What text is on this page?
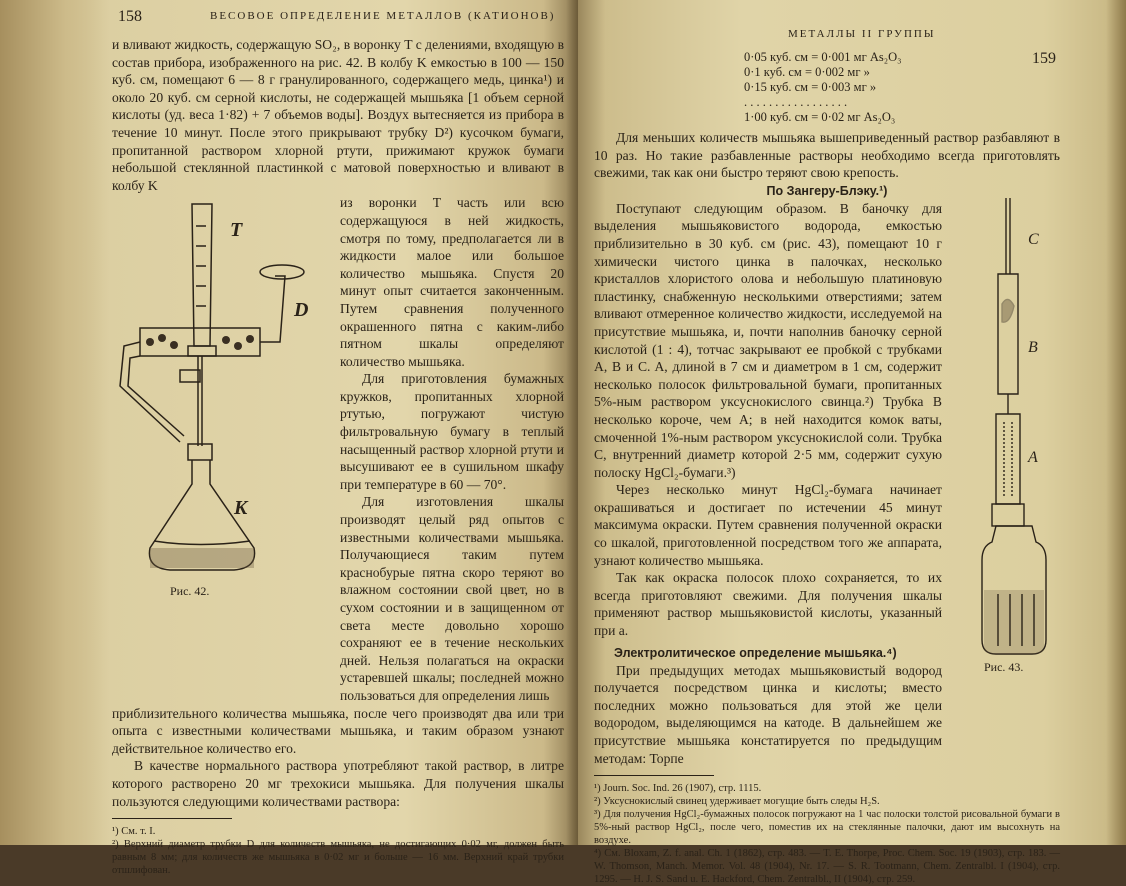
158	ВЕСОВОЕ ОПРЕДЕЛЕНИЕ МЕТАЛЛОВ (КАТИОНОВ)

и вливают жидкость, содержащую SO₂, в воронку T с делениями, входящую в состав прибора, изображенного на рис. 42. В колбу K емкостью в 100 — 150 куб. см, помещают 6 — 8 г гранулированного, содержащего медь, цинка¹) и около 20 куб. см серной кислоты, не содержащей мышьяка [1 объем серной кислоты (уд. веса 1·82) + 7 объемов воды]. Воздух вытесняется из прибора в течение 10 минут. После этого прикрывают трубку D²) кусочком бумаги, пропитанной раствором хлорной ртути, прижимают кружок бумаги небольшой стеклянной пластинкой с матовой поверхностью и вливают в колбу K

из воронки T часть или всю содержащуюся в ней жидкость, смотря по тому, предполагается ли в жидкости малое или большое количество мышьяка. Спустя 20 минут опыт считается законченным. Путем сравнения полученного окрашенного пятна с каким-либо пятном шкалы определяют количество мышьяка.

Для приготовления бумажных кружков, пропитанных хлорной ртутью, погружают чистую фильтровальную бумагу в теплый насыщенный раствор хлорной ртути и высушивают ее в сушильном шкафу при температуре в 60 — 70°.

Для изготовления шкалы производят целый ряд опытов с известными количествами мышьяка. Получающиеся таким путем краснобурые пятна скоро теряют во влажном состоянии свой цвет, но в сухом состоянии и в защищенном от света месте довольно хорошо сохраняют ее в течение нескольких дней. Нельзя полагаться на окраски устаревшей шкалы; последней можно пользоваться для определения лишь

приблизительного количества мышьяка, после чего производят два или три опыта с известными количествами мышьяка, и таким образом узнают действительное количество его.

В качестве нормального раствора употребляют такой раствор, в литре которого растворено 20 мг трехокиси мышьяка. Для получения шкалы пользуются следующими количествами раствора:

¹) См. т. I.

²) Верхний диаметр трубки D для количеств мышьяка, не достигающих 0·02 мг, должен быть равным 8 мм; для количеств же мышьяка в 0·02 мг и больше — 16 мм. Верхний край трубки отшлифован.

T
D
K
Рис. 42.
МЕТАЛЛЫ II ГРУППЫ
159
0·05 куб. см = 0·001 мг As₂O₃
0·1 куб. см = 0·002 мг »
0·15 куб. см = 0·003 мг »
. . . . . . . . . . . . . . . . .
1·00 куб. см = 0·02 мг As₂O₃

Для меньших количеств мышьяка вышеприведенный раствор разбавляют в 10 раз. Но такие разбавленные растворы необходимо всегда приготовлять свежими, так как они быстро теряют свою крепость.

По Зангеру-Блэку.¹)

Поступают следующим образом. В баночку для выделения мышьяковистого водорода, емкостью приблизительно в 30 куб. см (рис. 43), помещают 10 г химически чистого цинка в палочках, несколько кристаллов хлористого олова и небольшую платиновую пластинку, снабженную несколькими отверстиями; затем вливают отмеренное количество жидкости, исследуемой на присутствие мышьяка, и, почти наполнив баночку серной кислотой (1 : 4), тотчас закрывают ее пробкой с трубками A, B и C. A, длиной в 7 см и диаметром в 1 см, содержит несколько полосок фильтровальной бумаги, пропитанных 5%-ным раствором уксуснокислого свинца.²) Трубка B несколько короче, чем A; в ней находится комок ваты, смоченной 1%-ным раствором уксуснокислой соли. Трубка C, внутренний диаметр которой 2·5 мм, содержит сухую полоску HgCl₂-бумаги.³)

Через несколько минут HgCl₂-бумага начинает окрашиваться и достигает по истечении 45 минут максимума окраски. Путем сравнения полученной окраски со шкалой, приготовленной посредством того же аппарата, узнают количество мышьяка.

Так как окраска полосок плохо сохраняется, то их всегда приготовляют свежими. Для получения шкалы применяют раствор мышьяковистой кислоты, указанный при a.

Электролитическое определение мышьяка.⁴)

При предыдущих методах мышьяковистый водород получается посредством цинка и кислоты; вместо последних можно пользоваться для этой же цели водородом, выделяющимся на катоде. В дальнейшем же присутствие мышьяка констатируется по предыдущим методам: Торпе

¹) Journ. Soc. Ind. 26 (1907), стр. 1115.

²) Уксуснокислый свинец удерживает могущие быть следы H₂S.

³) Для получения HgCl₂-бумажных полосок погружают на 1 час полоски толстой рисовальной бумаги в 5%-ный раствор HgCl₂, после чего, поместив их на стеклянные палочки, дают им высохнуть на воздухе.

⁴) См. Bloxam, Z. f. anal. Ch. 1 (1862), стр. 483. — T. E. Thorpe, Proc. Chem. Soc. 19 (1903), стр. 183. — W. Thomson, Manch. Memor. Vol. 48 (1904), Nr. 17. — S. R. Tootmann, Chem. Zentralbl. I (1904), стр. 1295. — H. J. S. Sand u. E. Hackford, Chem. Zentralbl., II (1904), стр. 259.

C
B
A
Рис. 43.
